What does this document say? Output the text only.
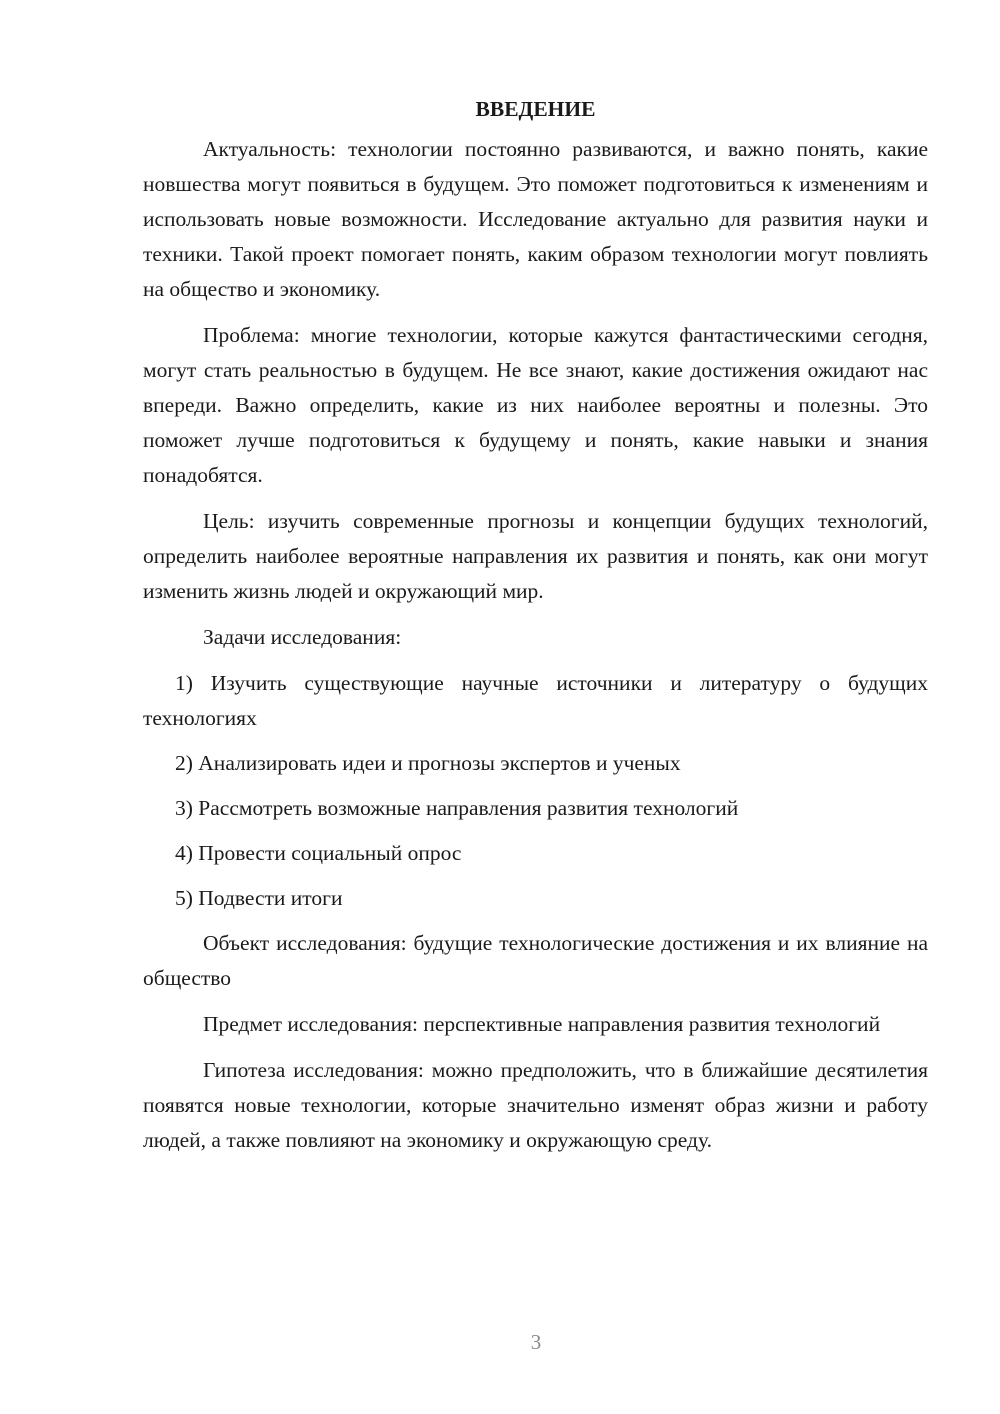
ВВЕДЕНИЕ

Актуальность: технологии постоянно развиваются, и важно понять, какие новшества могут появиться в будущем. Это поможет подготовиться к изменениям и использовать новые возможности. Исследование актуально для развития науки и техники. Такой проект помогает понять, каким образом технологии могут повлиять на общество и экономику.

Проблема: многие технологии, которые кажутся фантастическими сегодня, могут стать реальностью в будущем. Не все знают, какие достижения ожидают нас впереди. Важно определить, какие из них наиболее вероятны и полезны. Это поможет лучше подготовиться к будущему и понять, какие навыки и знания понадобятся.

Цель: изучить современные прогнозы и концепции будущих технологий, определить наиболее вероятные направления их развития и понять, как они могут изменить жизнь людей и окружающий мир.

Задачи исследования:

1) Изучить существующие научные источники и литературу о будущих технологиях

2) Анализировать идеи и прогнозы экспертов и ученых

3) Рассмотреть возможные направления развития технологий

4) Провести социальный опрос

5) Подвести итоги

Объект исследования: будущие технологические достижения и их влияние на общество

Предмет исследования: перспективные направления развития технологий

Гипотеза исследования: можно предположить, что в ближайшие десятилетия появятся новые технологии, которые значительно изменят образ жизни и работу людей, а также повлияют на экономику и окружающую среду.

3
